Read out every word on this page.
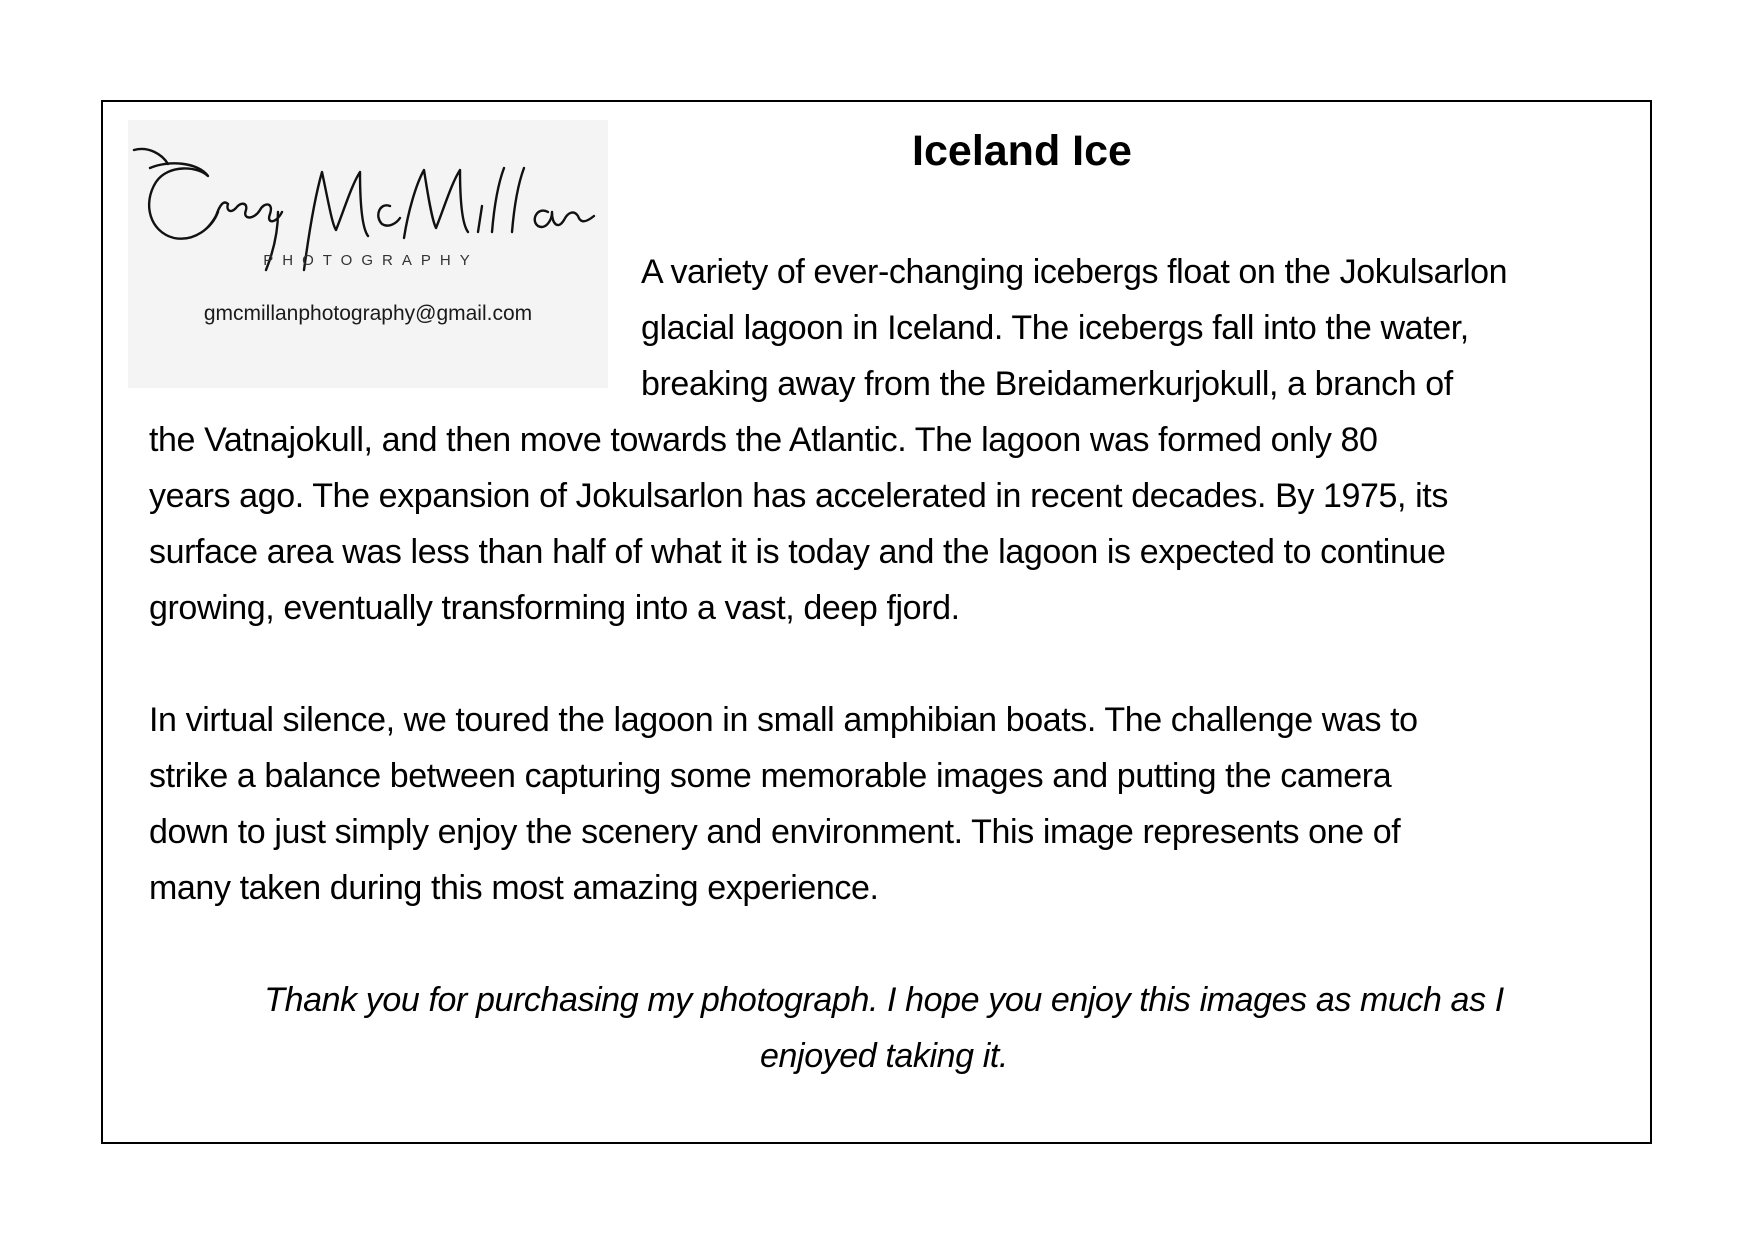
PHOTOGRAPHY
gmcmillanphotography@gmail.com
Iceland Ice
A variety of ever-changing icebergs float on the Jokulsarlon
glacial lagoon in Iceland. The icebergs fall into the water,
breaking away from the Breidamerkurjokull, a branch of
the Vatnajokull, and then move towards the Atlantic. The lagoon was formed only 80
years ago. The expansion of Jokulsarlon has accelerated in recent decades. By 1975, its
surface area was less than half of what it is today and the lagoon is expected to continue
growing, eventually transforming into a vast, deep fjord.
In virtual silence, we toured the lagoon in small amphibian boats. The challenge was to
strike a balance between capturing some memorable images and putting the camera
down to just simply enjoy the scenery and environment. This image represents one of
many taken during this most amazing experience.
Thank you for purchasing my photograph. I hope you enjoy this images as much as I
enjoyed taking it.
